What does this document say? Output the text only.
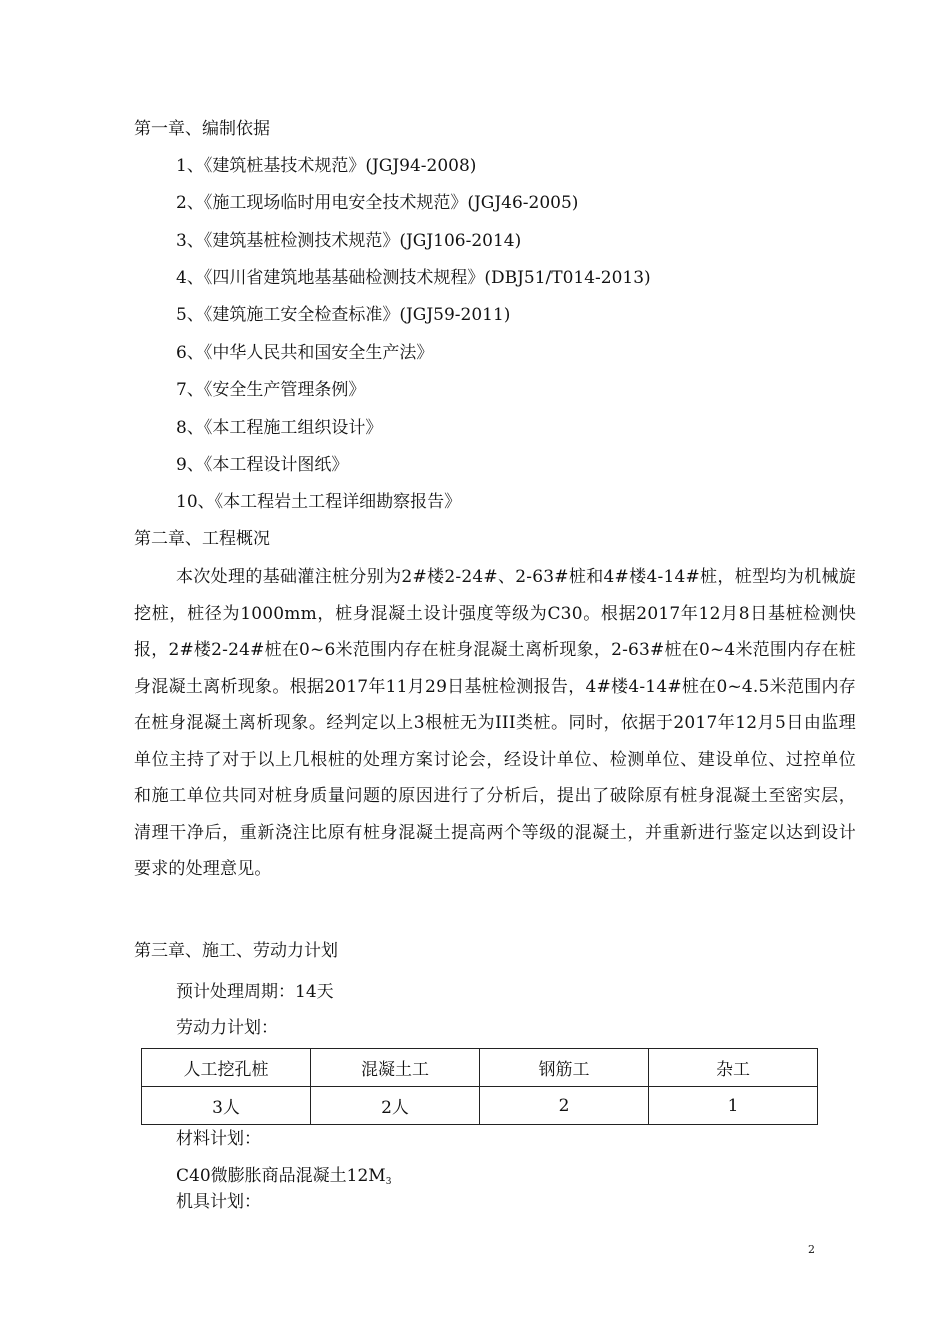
第一章、编制依据
1、《建筑桩基技术规范》(JGJ94-2008)
2、《施工现场临时用电安全技术规范》(JGJ46-2005)
3、《建筑基桩检测技术规范》(JGJ106-2014)
4、《四川省建筑地基基础检测技术规程》(DBJ51/T014-2013)
5、《建筑施工安全检查标准》(JGJ59-2011)
6、《中华人民共和国安全生产法》
7、《安全生产管理条例》
8、《本工程施工组织设计》
9、《本工程设计图纸》
10、《本工程岩土工程详细勘察报告》
第二章、工程概况

本次处理的基础灌注桩分别为2#楼2-24#、2-63#桩和4#楼4-14#桩，桩型均为机械旋挖桩，桩径为1000mm，桩身混凝土设计强度等级为C30。根据2017年12月8日基桩检测快报，2#楼2-24#桩在0~6米范围内存在桩身混凝土离析现象，2-63#桩在0~4米范围内存在桩身混凝土离析现象。根据2017年11月29日基桩检测报告，4#楼4-14#桩在0~4.5米范围内存在桩身混凝土离析现象。经判定以上3根桩无为III类桩。同时，依据于2017年12月5日由监理单位主持了对于以上几根桩的处理方案讨论会，经设计单位、检测单位、建设单位、过控单位和施工单位共同对桩身质量问题的原因进行了分析后，提出了破除原有桩身混凝土至密实层，清理干净后，重新浇注比原有桩身混凝土提高两个等级的混凝土，并重新进行鉴定以达到设计要求的处理意见。

第三章、施工、劳动力计划
预计处理周期：14天
劳动力计划：
人工挖孔桩	混凝土工	钢筋工	杂工
3人	2人	2	1
材料计划：
C40微膨胀商品混凝土12M3
机具计划：
2
